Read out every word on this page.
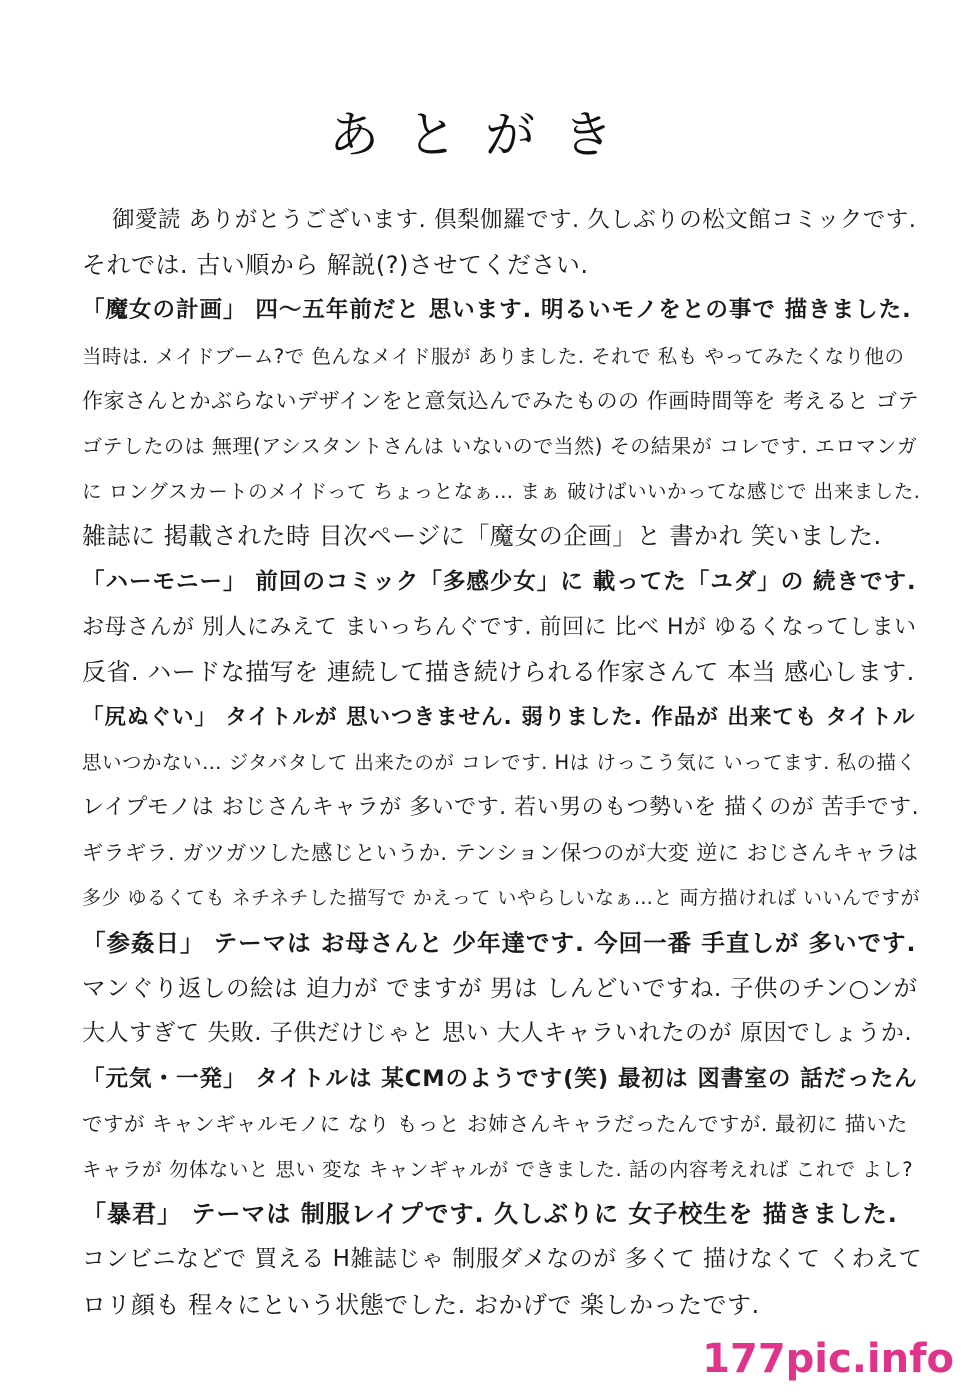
あとがき
御愛読 ありがとうございます. 倶梨伽羅です. 久しぶりの松文館コミックです.
それでは. 古い順から 解説(?)させてください.
「魔女の計画」 四～五年前だと 思います. 明るいモノをとの事で 描きました.
当時は. メイドブーム?で 色んなメイド服が ありました. それで 私も やってみたくなり他の
作家さんとかぶらないデザインをと意気込んでみたものの 作画時間等を 考えると ゴテ
ゴテしたのは 無理(アシスタントさんは いないので当然) その結果が コレです. エロマンガ
に ロングスカートのメイドって ちょっとなぁ… まぁ 破けばいいかってな感じで 出来ました.
雑誌に 掲載された時 目次ページに「魔女の企画」と 書かれ 笑いました.
「ハーモニー」 前回のコミック「多感少女」に 載ってた「ユダ」の 続きです.
お母さんが 別人にみえて まいっちんぐです. 前回に 比べ Hが ゆるくなってしまい
反省. ハードな描写を 連続して描き続けられる作家さんて 本当 感心します.
「尻ぬぐい」 タイトルが 思いつきません. 弱りました. 作品が 出来ても タイトル
思いつかない… ジタバタして 出来たのが コレです. Hは けっこう気に いってます. 私の描く
レイプモノは おじさんキャラが 多いです. 若い男のもつ勢いを 描くのが 苦手です.
ギラギラ. ガツガツした感じというか. テンション保つのが大変 逆に おじさんキャラは
多少 ゆるくても ネチネチした描写で かえって いやらしいなぁ…と 両方描ければ いいんですが
「参姦日」 テーマは お母さんと 少年達です. 今回一番 手直しが 多いです.
マンぐり返しの絵は 迫力が でますが 男は しんどいですね. 子供のチン○ンが
大人すぎて 失敗. 子供だけじゃと 思い 大人キャラいれたのが 原因でしょうか.
「元気・一発」 タイトルは 某CMのようです(笑) 最初は 図書室の 話だったん
ですが キャンギャルモノに なり もっと お姉さんキャラだったんですが. 最初に 描いた
キャラが 勿体ないと 思い 変な キャンギャルが できました. 話の内容考えれば これで よし?
「暴君」 テーマは 制服レイプです. 久しぶりに 女子校生を 描きました.
コンビニなどで 買える H雑誌じゃ 制服ダメなのが 多くて 描けなくて くわえて
ロリ顔も 程々にという状態でした. おかげで 楽しかったです.
177pic.info
